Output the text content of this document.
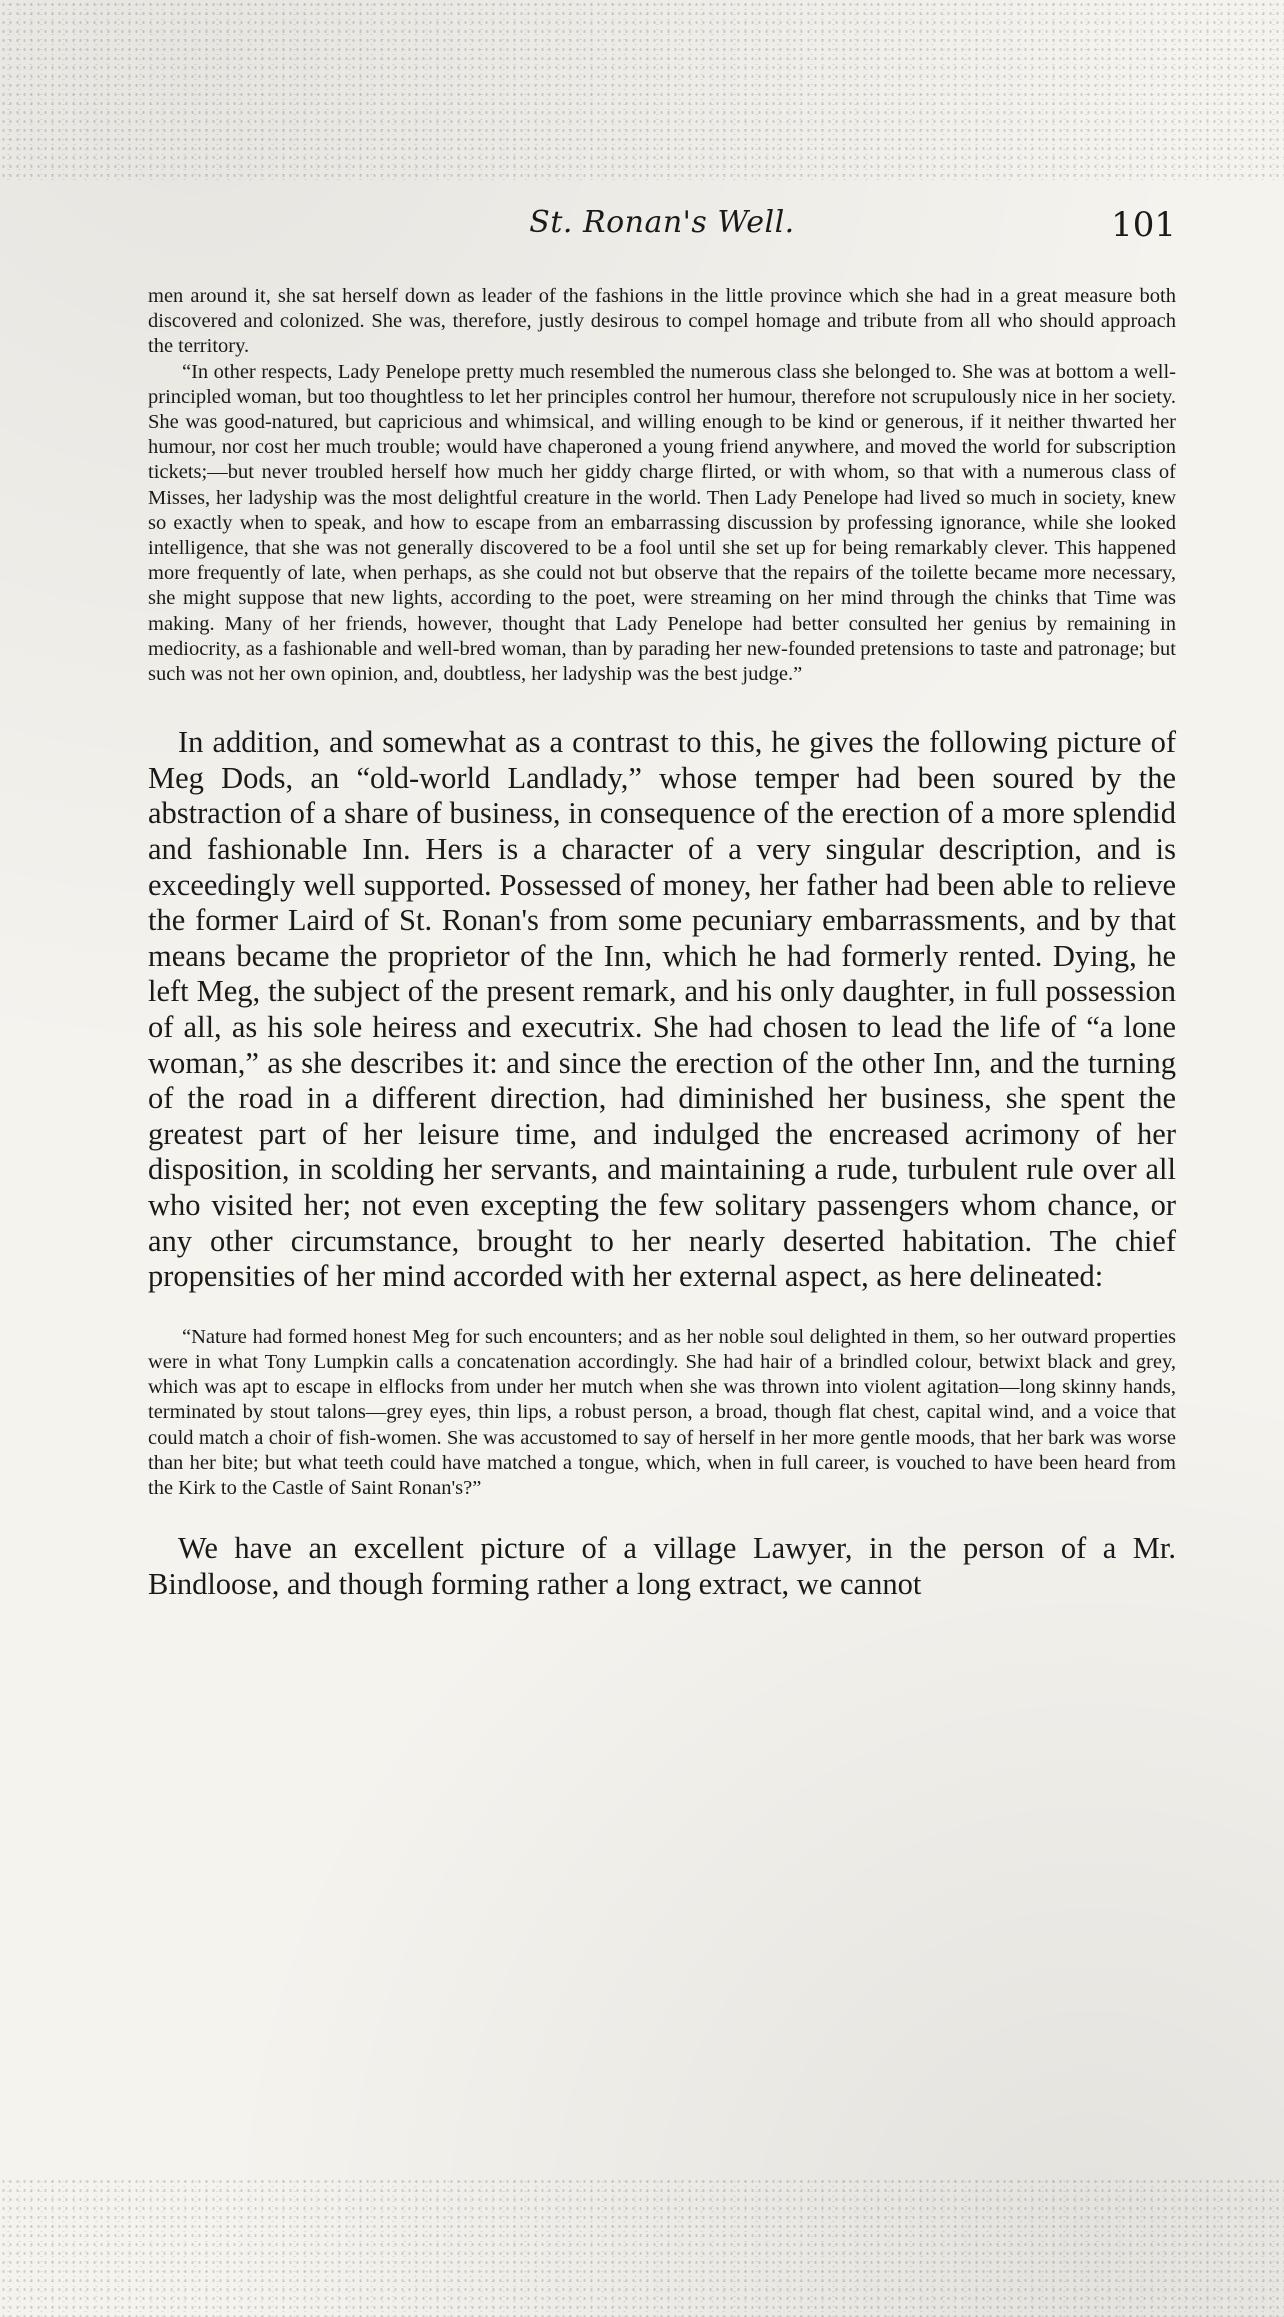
St. Ronan's Well.	101

men around it, she sat herself down as leader of the fashions in the little province which she had in a great measure both discovered and colonized. She was, therefore, justly desirous to compel homage and tribute from all who should approach the territory.

“In other respects, Lady Penelope pretty much resembled the numerous class she belonged to. She was at bottom a well-principled woman, but too thoughtless to let her principles control her humour, therefore not scrupulously nice in her society. She was good-natured, but capricious and whimsical, and willing enough to be kind or generous, if it neither thwarted her humour, nor cost her much trouble; would have chaperoned a young friend anywhere, and moved the world for subscription tickets;—but never troubled herself how much her giddy charge flirted, or with whom, so that with a numerous class of Misses, her ladyship was the most delightful creature in the world. Then Lady Penelope had lived so much in society, knew so exactly when to speak, and how to escape from an embarrassing discussion by professing ignorance, while she looked intelligence, that she was not generally discovered to be a fool until she set up for being remarkably clever. This happened more frequently of late, when perhaps, as she could not but observe that the repairs of the toilette became more necessary, she might suppose that new lights, according to the poet, were streaming on her mind through the chinks that Time was making. Many of her friends, however, thought that Lady Penelope had better consulted her genius by remaining in mediocrity, as a fashionable and well-bred woman, than by parading her new-founded pretensions to taste and patronage; but such was not her own opinion, and, doubtless, her ladyship was the best judge.”

In addition, and somewhat as a contrast to this, he gives the following picture of Meg Dods, an “old-world Landlady,” whose temper had been soured by the abstraction of a share of business, in consequence of the erection of a more splendid and fashionable Inn. Hers is a character of a very singular description, and is exceedingly well supported. Possessed of money, her father had been able to relieve the former Laird of St. Ronan's from some pecuniary embarrassments, and by that means became the proprietor of the Inn, which he had formerly rented. Dying, he left Meg, the subject of the present remark, and his only daughter, in full possession of all, as his sole heiress and executrix. She had chosen to lead the life of “a lone woman,” as she describes it: and since the erection of the other Inn, and the turning of the road in a different direction, had diminished her business, she spent the greatest part of her leisure time, and indulged the encreased acrimony of her disposition, in scolding her servants, and maintaining a rude, turbulent rule over all who visited her; not even excepting the few solitary passengers whom chance, or any other circumstance, brought to her nearly deserted habitation. The chief propensities of her mind accorded with her external aspect, as here delineated:

“Nature had formed honest Meg for such encounters; and as her noble soul delighted in them, so her outward properties were in what Tony Lumpkin calls a concatenation accordingly. She had hair of a brindled colour, betwixt black and grey, which was apt to escape in elflocks from under her mutch when she was thrown into violent agitation—long skinny hands, terminated by stout talons—grey eyes, thin lips, a robust person, a broad, though flat chest, capital wind, and a voice that could match a choir of fish-women. She was accustomed to say of herself in her more gentle moods, that her bark was worse than her bite; but what teeth could have matched a tongue, which, when in full career, is vouched to have been heard from the Kirk to the Castle of Saint Ronan's?”

We have an excellent picture of a village Lawyer, in the person of a Mr. Bindloose, and though forming rather a long extract, we cannot
